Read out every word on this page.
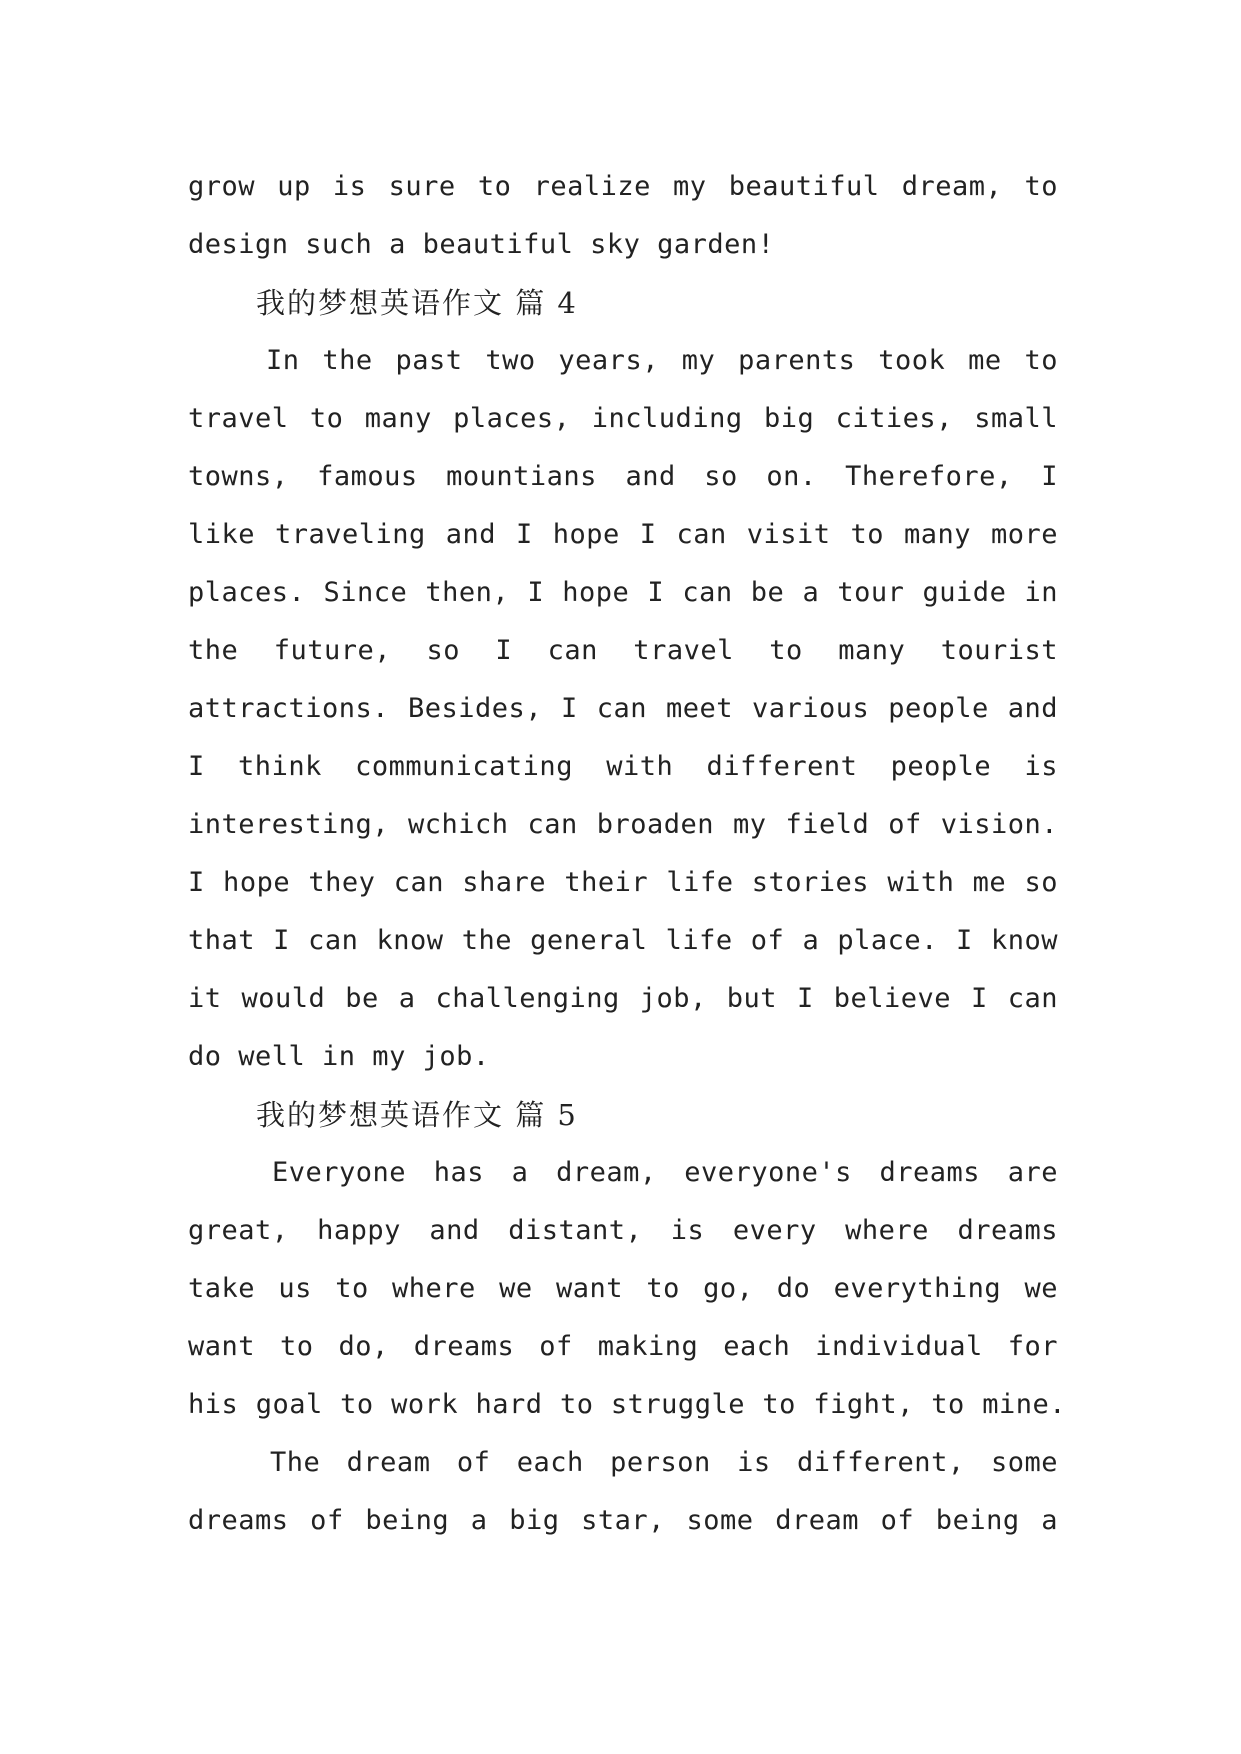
grow up is sure to realize my beautiful dream, to
design such a beautiful sky garden!
我的梦想英语作文 篇 4
In the past two years, my parents took me to
travel to many places, including big cities, small
towns, famous mountians and so on. Therefore, I
like traveling and I hope I can visit to many more
places. Since then, I hope I can be a tour guide in
the future, so I can travel to many tourist
attractions. Besides, I can meet various people and
I think communicating with different people is
interesting, wchich can broaden my field of vision.
I hope they can share their life stories with me so
that I can know the general life of a place. I know
it would be a challenging job, but I believe I can
do well in my job.
我的梦想英语作文 篇 5
Everyone has a dream, everyone's dreams are
great, happy and distant, is every where dreams
take us to where we want to go, do everything we
want to do, dreams of making each individual for
his goal to work hard to struggle to fight, to mine.
The dream of each person is different, some
dreams of being a big star, some dream of being a
